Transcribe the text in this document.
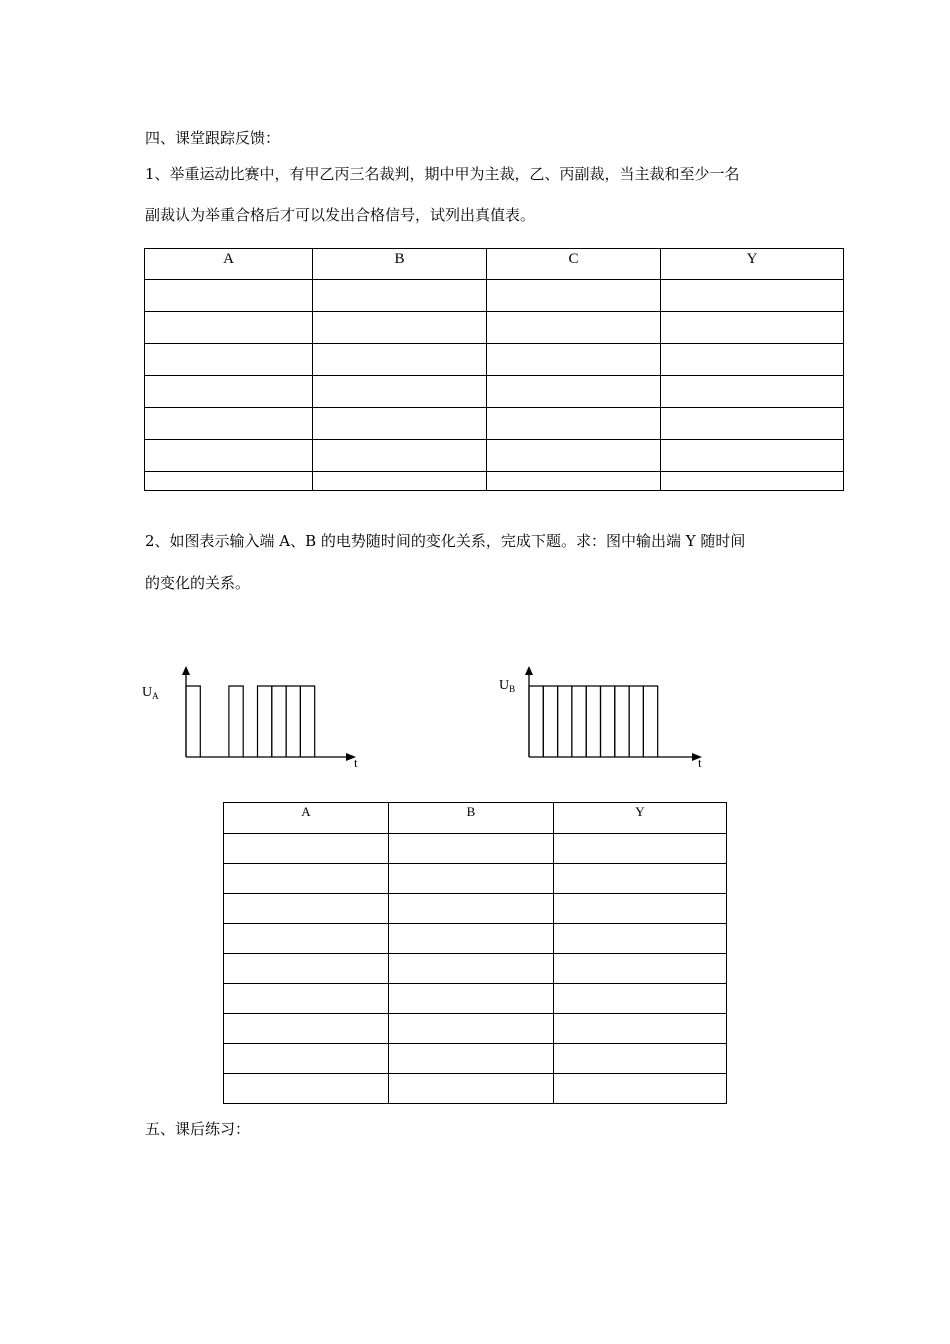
四、课堂跟踪反馈：
1、举重运动比赛中，有甲乙丙三名裁判，期中甲为主裁，乙、丙副裁，当主裁和至少一名
副裁认为举重合格后才可以发出合格信号，试列出真值表。
A	B	C	Y

2、如图表示输入端 A、B 的电势随时间的变化关系，完成下题。求：图中输出端 Y 随时间
的变化的关系。
$U_A$
t
$U_B$
t
A	B	Y

五、课后练习：
